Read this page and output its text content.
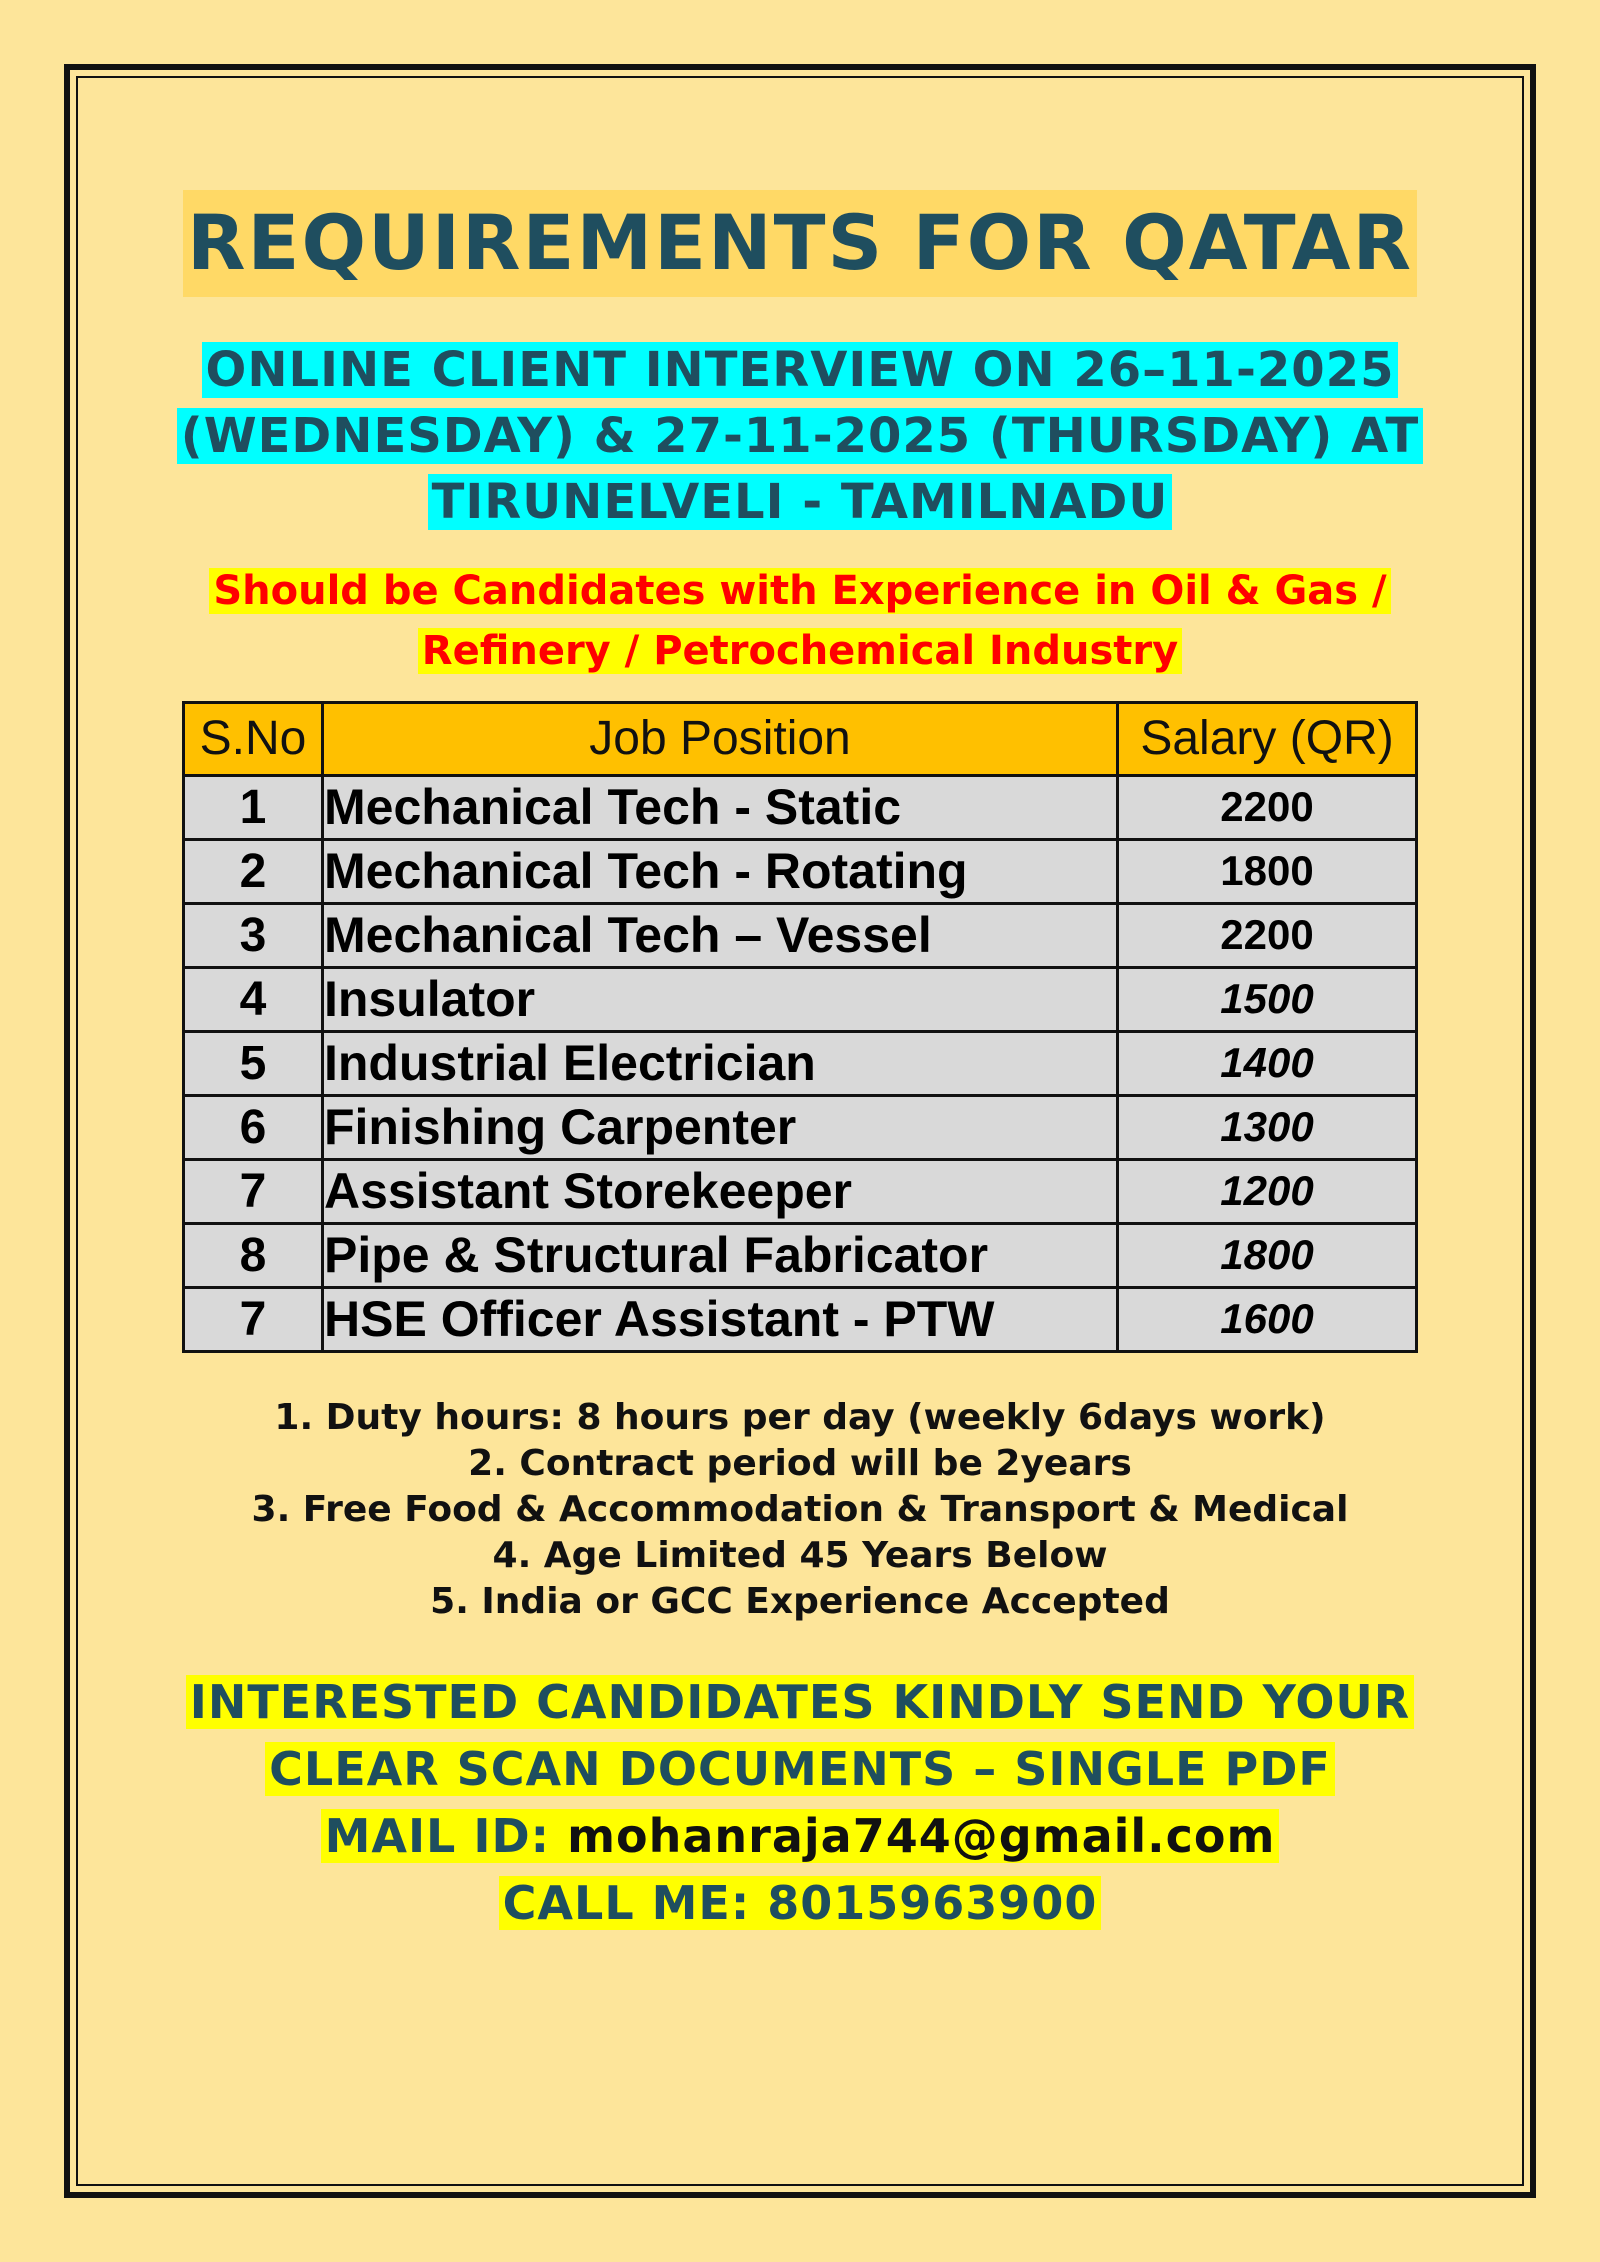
REQUIREMENTS FOR QATAR
ONLINE CLIENT INTERVIEW ON 26–11-2025
(WEDNESDAY) & 27-11-2025 (THURSDAY) AT
TIRUNELVELI - TAMILNADU
Should be Candidates with Experience in Oil & Gas /
Refinery / Petrochemical Industry
S.No	Job Position	Salary (QR)
1	Mechanical Tech - Static	2200
2	Mechanical Tech - Rotating	1800
3	Mechanical Tech – Vessel	2200
4	Insulator	1500
5	Industrial Electrician	1400
6	Finishing Carpenter	1300
7	Assistant Storekeeper	1200
8	Pipe & Structural Fabricator	1800
7	HSE Officer Assistant - PTW	1600
1. Duty hours: 8 hours per day (weekly 6days work)
2. Contract period will be 2years
3. Free Food & Accommodation & Transport & Medical
4. Age Limited 45 Years Below
5. India or GCC Experience Accepted
INTERESTED CANDIDATES KINDLY SEND YOUR
CLEAR SCAN DOCUMENTS – SINGLE PDF
MAIL ID: mohanraja744@gmail.com
CALL ME: 8015963900
